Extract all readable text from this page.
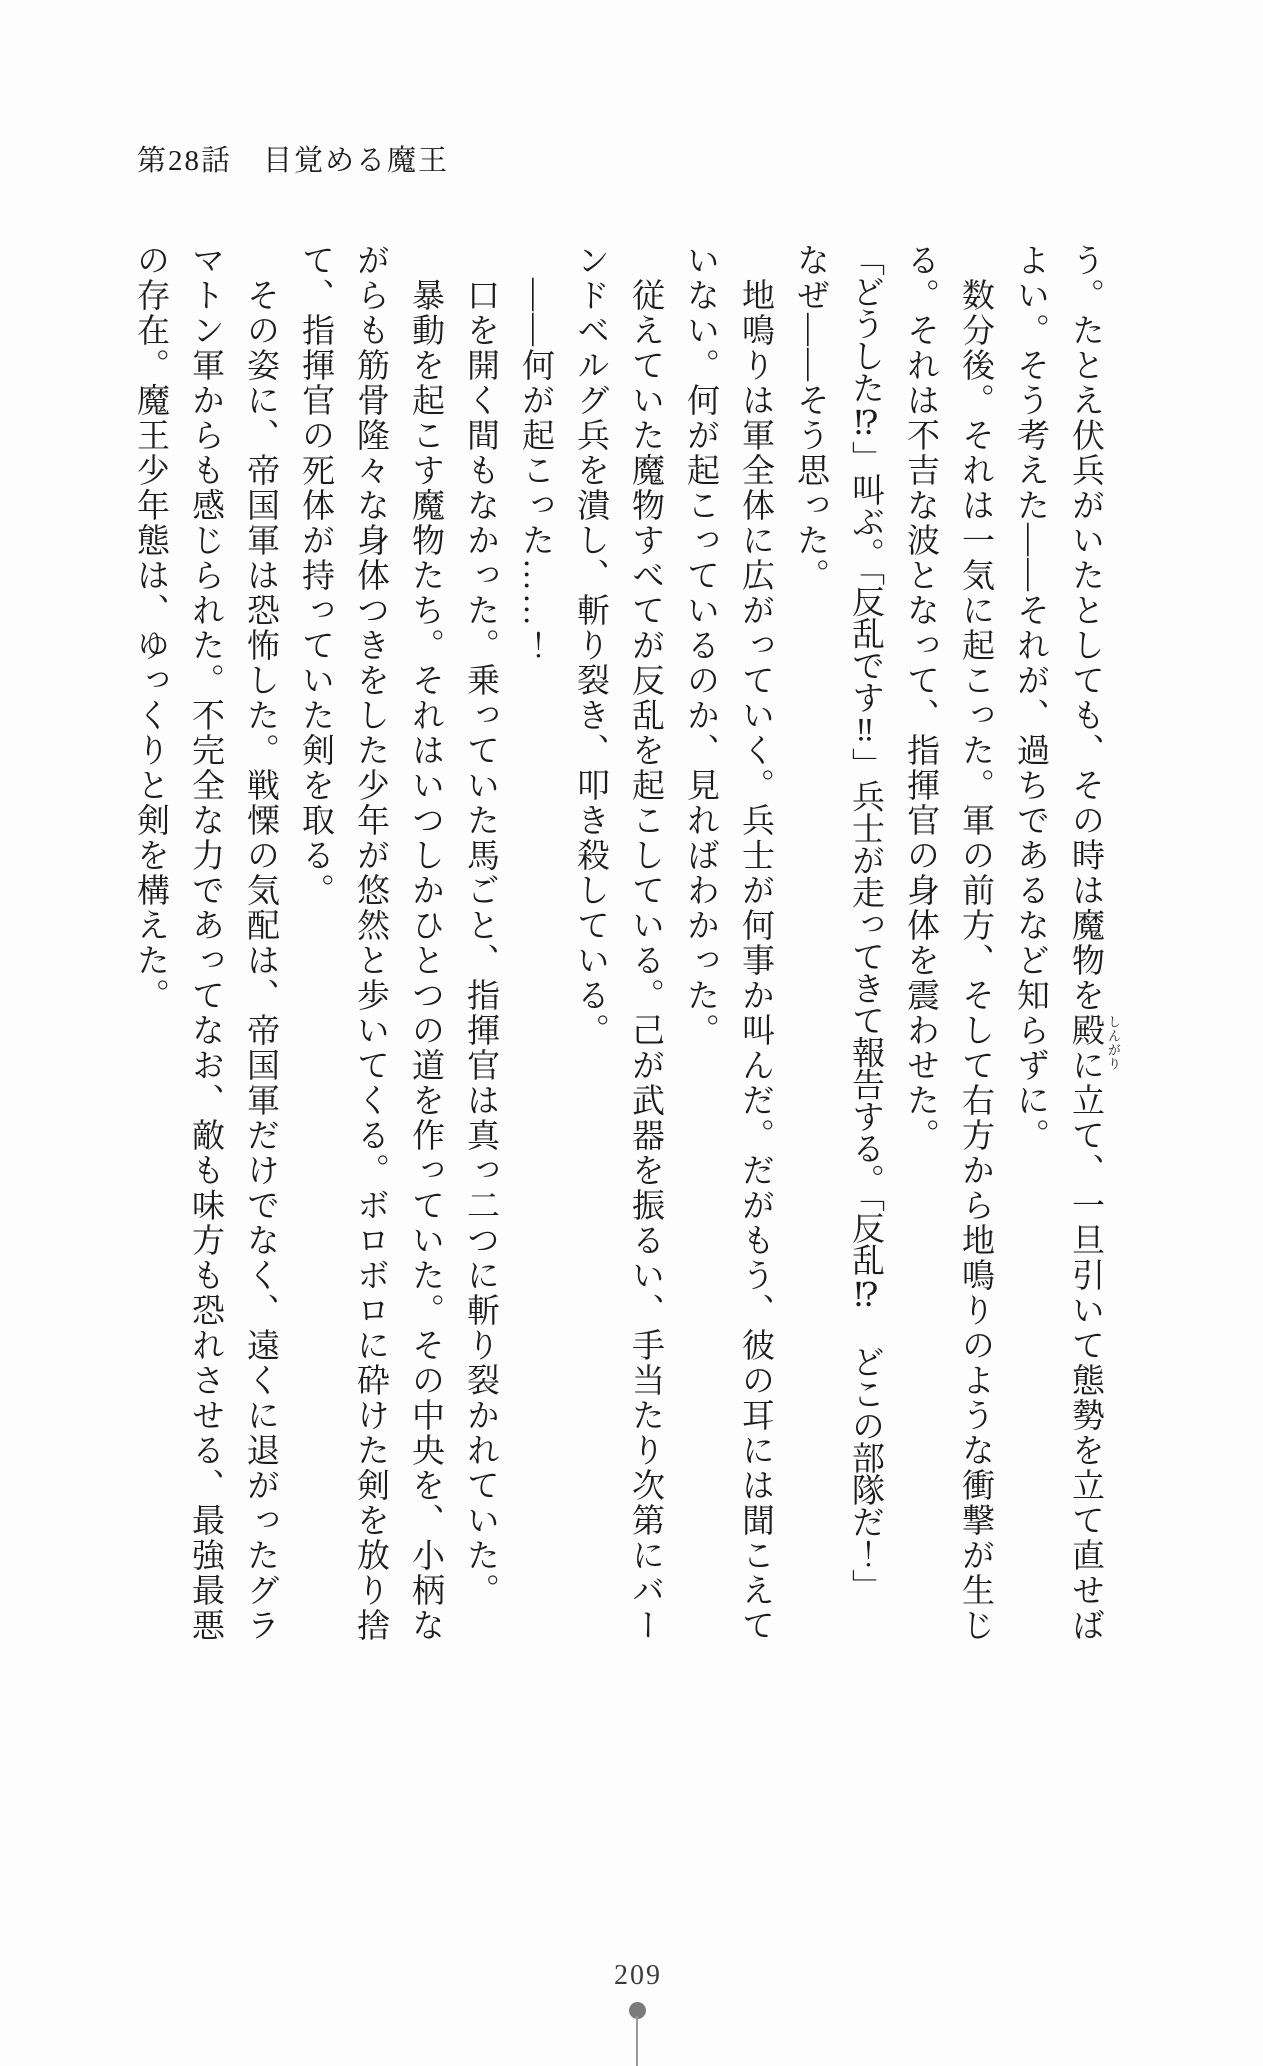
第28話　目覚める魔王

う。たとえ伏兵がいたとしても、その時は魔物を殿 しんがり
に立て、一旦引いて態勢を立て直せばよい。そう考えた――それが、過ちであるなど知らずに。

数分後。それは一気に起こった。軍の前方、そして右方から地鳴りのような衝撃が生じる。それは不吉な波となって、指揮官の身体を震わせた。

「どうした⁉」叫ぶ。「反乱です‼」兵士が走ってきて報告する。「反乱⁉　どこの部隊だ！」

なぜ――そう思った。

地鳴りは軍全体に広がっていく。兵士が何事か叫んだ。だがもう、彼の耳には聞こえていない。何が起こっているのか、見ればわかった。

従えていた魔物すべてが反乱を起こしている。己が武器を振るい、手当たり次第にバーンドベルグ兵を潰し、斬り裂き、叩き殺している。

――何が起こった……！

口を開く間もなかった。乗っていた馬ごと、指揮官は真っ二つに斬り裂かれていた。

暴動を起こす魔物たち。それはいつしかひとつの道を作っていた。その中央を、小柄ながらも筋骨隆々な身体つきをした少年が悠然と歩いてくる。ボロボロに砕けた剣を放り捨て、指揮官の死体が持っていた剣を取る。

その姿に、帝国軍は恐怖した。戦慄の気配は、帝国軍だけでなく、遠くに退がったグラマトン軍からも感じられた。不完全な力であってなお、敵も味方も恐れさせる、最強最悪の存在。魔王少年態は、ゆっくりと剣を構えた。

209
